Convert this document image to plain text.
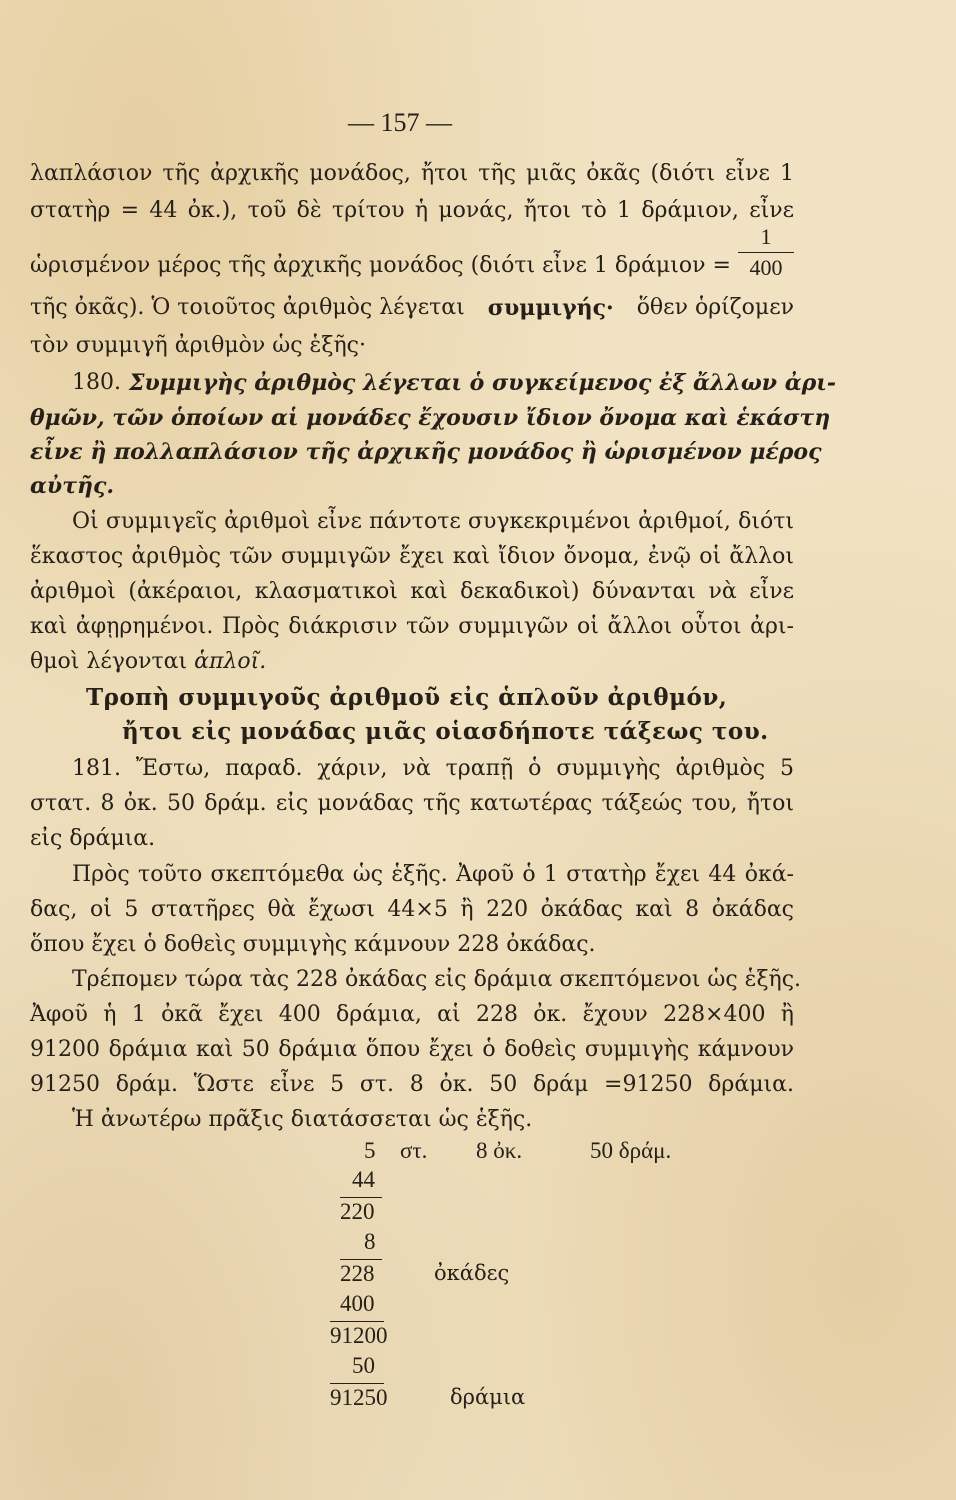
— 157 —
λαπλάσιον τῆς ἀρχικῆς μονάδος, ἤτοι τῆς μιᾶς ὀκᾶς (διότι εἶνε 1
στατὴρ = 44 ὀκ.), τοῦ δὲ τρίτου ἡ μονάς, ἤτοι τὸ 1 δράμιον, εἶνε
ὡρισμένον μέρος τῆς ἀρχικῆς μονάδος (διότι εἶνε 1 δράμιον =
1
400
τῆς ὀκᾶς). Ὁ τοιοῦτος ἀριθμὸς λέγεται συμμιγής· ὅθεν ὁρίζομεν
τὸν συμμιγῆ ἀριθμὸν ὡς ἑξῆς·
180. Συμμιγὴς ἀριθμὸς λέγεται ὁ συγκείμενος ἐξ ἄλλων ἀρι-
θμῶν, τῶν ὁποίων αἱ μονάδες ἔχουσιν ἴδιον ὄνομα καὶ ἑκάστη
εἶνε ἢ πολλαπλάσιον τῆς ἀρχικῆς μονάδος ἢ ὡρισμένον μέρος
αὐτῆς.
Οἱ συμμιγεῖς ἀριθμοὶ εἶνε πάντοτε συγκεκριμένοι ἀριθμοί, διότι
ἕκαστος ἀριθμὸς τῶν συμμιγῶν ἔχει καὶ ἴδιον ὄνομα, ἐνῷ οἱ ἄλλοι
ἀριθμοὶ (ἀκέραιοι, κλασματικοὶ καὶ δεκαδικοὶ) δύνανται νὰ εἶνε
καὶ ἀφῃρημένοι. Πρὸς διάκρισιν τῶν συμμιγῶν οἱ ἄλλοι οὗτοι ἀρι-
θμοὶ λέγονται ἁπλοῖ.
Τροπὴ συμμιγοῦς ἀριθμοῦ εἰς ἁπλοῦν ἀριθμόν,
ἤτοι εἰς μονάδας μιᾶς οἱασδήποτε τάξεως του.
181. Ἔστω, παραδ. χάριν, νὰ τραπῇ ὁ συμμιγὴς ἀριθμὸς 5
στατ. 8 ὀκ. 50 δράμ. εἰς μονάδας τῆς κατωτέρας τάξεώς του, ἤτοι
εἰς δράμια.
Πρὸς τοῦτο σκεπτόμεθα ὡς ἑξῆς. Ἀφοῦ ὁ 1 στατὴρ ἔχει 44 ὀκά-
δας, οἱ 5 στατῆρες θὰ ἔχωσι 44×5 ἢ 220 ὀκάδας καὶ 8 ὀκάδας
ὅπου ἔχει ὁ δοθεὶς συμμιγὴς κάμνουν 228 ὀκάδας.
Τρέπομεν τώρα τὰς 228 ὀκάδας εἰς δράμια σκεπτόμενοι ὡς ἑξῆς.
Ἀφοῦ ἡ 1 ὀκᾶ ἔχει 400 δράμια, αἱ 228 ὀκ. ἔχουν 228×400 ἢ
91200 δράμια καὶ 50 δράμια ὅπου ἔχει ὁ δοθεὶς συμμιγὴς κάμνουν
91250 δράμ. Ὥστε εἶνε 5 στ. 8 ὀκ. 50 δράμ =91250 δράμια.
Ἡ ἀνωτέρω πρᾶξις διατάσσεται ὡς ἑξῆς.
5 στ. 8 ὀκ.	50 δράμ.
44
220
8
228	ὀκάδες
400
91200
50
91250	δράμια
